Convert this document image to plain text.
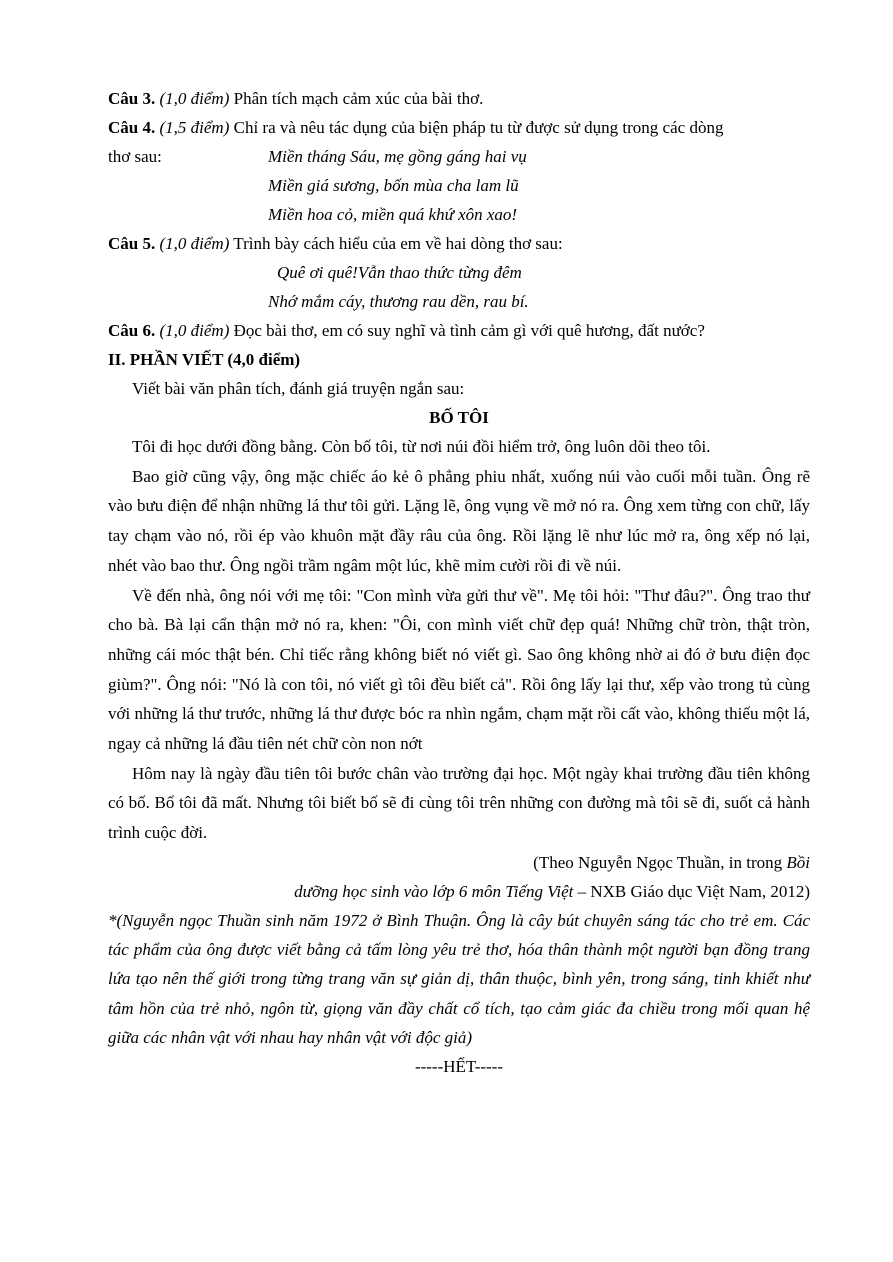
Câu 3. (1,0 điểm) Phân tích mạch cảm xúc của bài thơ.
Câu 4. (1,5 điểm) Chỉ ra và nêu tác dụng của biện pháp tu từ được sử dụng trong các dòng
thơ sau:	Miền tháng Sáu, mẹ gồng gáng hai vụ
Miền giá sương, bốn mùa cha lam lũ
Miền hoa cỏ, miền quá khứ xôn xao!
Câu 5. (1,0 điểm) Trình bày cách hiểu của em về hai dòng thơ sau:
Quê ơi quê!Vẫn thao thức từng đêm
Nhớ mắm cáy, thương rau dền, rau bí.
Câu 6. (1,0 điểm) Đọc bài thơ, em có suy nghĩ và tình cảm gì với quê hương, đất nước?
II. PHẦN VIẾT (4,0 điểm)
Viết bài văn phân tích, đánh giá truyện ngắn sau:
BỐ TÔI
Tôi đi học dưới đồng bằng. Còn bố tôi, từ nơi núi đồi hiểm trở, ông luôn dõi theo tôi.
Bao giờ cũng vậy, ông mặc chiếc áo kẻ ô phẳng phiu nhất, xuống núi vào cuối mỗi tuần. Ông rẽ vào bưu điện để nhận những lá thư tôi gửi. Lặng lẽ, ông vụng về mở nó ra. Ông xem từng con chữ, lấy tay chạm vào nó, rồi ép vào khuôn mặt đầy râu của ông. Rồi lặng lẽ như lúc mở ra, ông xếp nó lại, nhét vào bao thư. Ông ngồi trầm ngâm một lúc, khẽ mỉm cười rồi đi về núi.
Về đến nhà, ông nói với mẹ tôi: "Con mình vừa gửi thư về". Mẹ tôi hỏi: "Thư đâu?". Ông trao thư cho bà. Bà lại cẩn thận mở nó ra, khen: "Ôi, con mình viết chữ đẹp quá! Những chữ tròn, thật tròn, những cái móc thật bén. Chỉ tiếc rằng không biết nó viết gì. Sao ông không nhờ ai đó ở bưu điện đọc giùm?". Ông nói: "Nó là con tôi, nó viết gì tôi đều biết cả". Rồi ông lấy lại thư, xếp vào trong tủ cùng với những lá thư trước, những lá thư được bóc ra nhìn ngắm, chạm mặt rồi cất vào, không thiếu một lá, ngay cả những lá đầu tiên nét chữ còn non nớt
Hôm nay là ngày đầu tiên tôi bước chân vào trường đại học. Một ngày khai trường đầu tiên không có bố. Bố tôi đã mất. Nhưng tôi biết bố sẽ đi cùng tôi trên những con đường mà tôi sẽ đi, suốt cả hành trình cuộc đời.
(Theo Nguyễn Ngọc Thuần, in trong Bồi
dưỡng học sinh vào lớp 6 môn Tiếng Việt – NXB Giáo dục Việt Nam, 2012)
*(Nguyễn ngọc Thuần sinh năm 1972 ở Bình Thuận. Ông là cây bút chuyên sáng tác cho trẻ em. Các tác phẩm của ông được viết bằng cả tấm lòng yêu trẻ thơ, hóa thân thành một người bạn đồng trang lứa tạo nên thế giới trong từng trang văn sự giản dị, thân thuộc, bình yên, trong sáng, tinh khiết như tâm hồn của trẻ nhỏ, ngôn từ, giọng văn đầy chất cổ tích, tạo cảm giác đa chiều trong mối quan hệ giữa các nhân vật với nhau hay nhân vật với độc giả)
-----HẾT-----
